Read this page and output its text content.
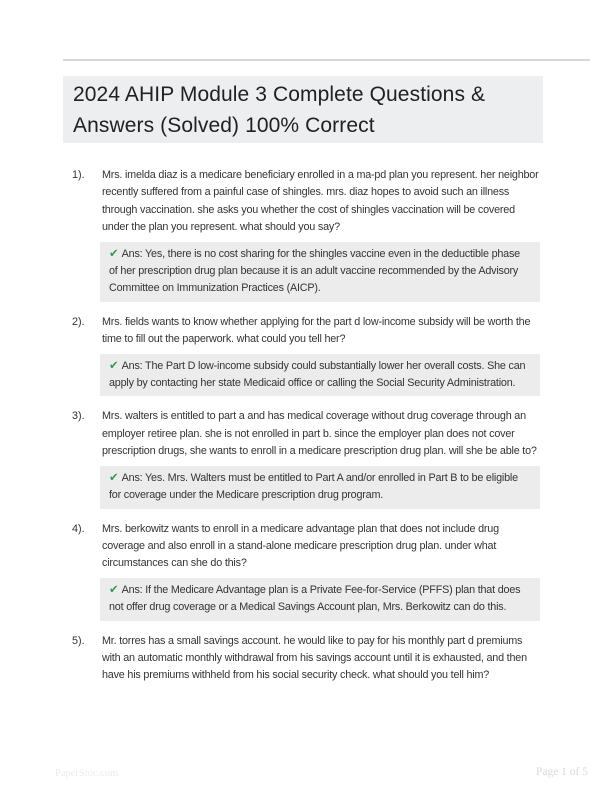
2024 AHIP Module 3 Complete Questions & Answers (Solved) 100% Correct
1).	Mrs. imelda diaz is a medicare beneficiary enrolled in a ma-pd plan you represent. her neighbor recently suffered from a painful case of shingles. mrs. diaz hopes to avoid such an illness through vaccination. she asks you whether the cost of shingles vaccination will be covered under the plan you represent. what should you say?

✔ Ans: Yes, there is no cost sharing for the shingles vaccine even in the deductible phase of her prescription drug plan because it is an adult vaccine recommended by the Advisory Committee on Immunization Practices (AICP).
2).	Mrs. fields wants to know whether applying for the part d low-income subsidy will be worth the time to fill out the paperwork. what could you tell her?

✔ Ans: The Part D low-income subsidy could substantially lower her overall costs. She can apply by contacting her state Medicaid office or calling the Social Security Administration.
3).	Mrs. walters is entitled to part a and has medical coverage without drug coverage through an employer retiree plan. she is not enrolled in part b. since the employer plan does not cover prescription drugs, she wants to enroll in a medicare prescription drug plan. will she be able to?

✔ Ans: Yes. Mrs. Walters must be entitled to Part A and/or enrolled in Part B to be eligible for coverage under the Medicare prescription drug program.
4).	Mrs. berkowitz wants to enroll in a medicare advantage plan that does not include drug coverage and also enroll in a stand-alone medicare prescription drug plan. under what circumstances can she do this?

✔ Ans: If the Medicare Advantage plan is a Private Fee-for-Service (PFFS) plan that does not offer drug coverage or a Medical Savings Account plan, Mrs. Berkowitz can do this.
5).	Mr. torres has a small savings account. he would like to pay for his monthly part d premiums with an automatic monthly withdrawal from his savings account until it is exhausted, and then have his premiums withheld from his social security check. what should you tell him?

PaperStoc.com	Page 1 of 5
